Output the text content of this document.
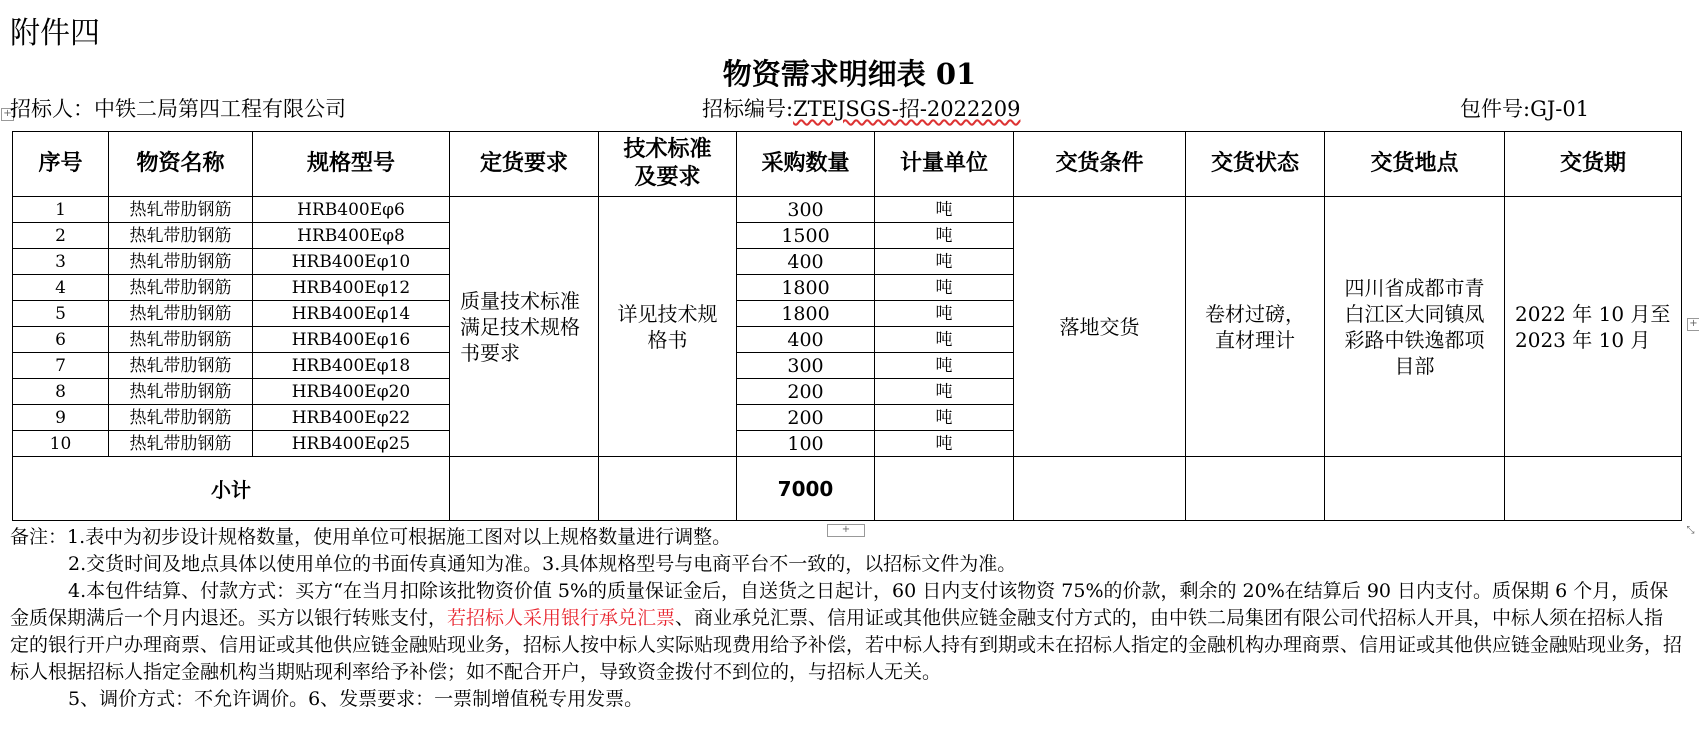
附件四
物资需求明细表 01
+
招标人：中铁二局第四工程有限公司	招标编号:ZTEJSGS-招-2022209	包件号:GJ-01
序号	物资名称	规格型号	定货要求	技术标准及要求	采购数量	计量单位	交货条件	交货状态	交货地点	交货期
1	热轧带肋钢筋	HRB400Eφ6	质量技术标准满足技术规格书要求	详见技术规格书	300	吨	落地交货	卷材过磅，直材理计	四川省成都市青白江区大同镇凤彩路中铁逸都项目部	2022 年 10 月至 2023 年 10 月
2	热轧带肋钢筋	HRB400Eφ8			1500	吨				
3	热轧带肋钢筋	HRB400Eφ10			400	吨				
4	热轧带肋钢筋	HRB400Eφ12			1800	吨				
5	热轧带肋钢筋	HRB400Eφ14			1800	吨				
6	热轧带肋钢筋	HRB400Eφ16			400	吨				
7	热轧带肋钢筋	HRB400Eφ18			300	吨				
8	热轧带肋钢筋	HRB400Eφ20			200	吨				
9	热轧带肋钢筋	HRB400Eφ22			200	吨				
10	热轧带肋钢筋	HRB400Eφ25			100	吨				
小计					7000					
+
+	⤡

备注：1.表中为初步设计规格数量，使用单位可根据施工图对以上规格数量进行调整。

2.交货时间及地点具体以使用单位的书面传真通知为准。3.具体规格型号与电商平台不一致的，以招标文件为准。

4.本包件结算、付款方式：买方“在当月扣除该批物资价值 5%的质量保证金后，自送货之日起计，60 日内支付该物资 75%的价款，剩余的 20%在结算后 90 日内支付。质保期 6 个月，质保金质保期满后一个月内退还。买方以银行转账支付，若招标人采用银行承兑汇票、商业承兑汇票、信用证或其他供应链金融支付方式的，由中铁二局集团有限公司代招标人开具，中标人须在招标人指定的银行开户办理商票、信用证或其他供应链金融贴现业务，招标人按中标人实际贴现费用给予补偿，若中标人持有到期或未在招标人指定的金融机构办理商票、信用证或其他供应链金融贴现业务，招标人根据招标人指定金融机构当期贴现利率给予补偿；如不配合开户，导致资金拨付不到位的，与招标人无关。

5、调价方式：不允许调价。6、发票要求：一票制增值税专用发票。
